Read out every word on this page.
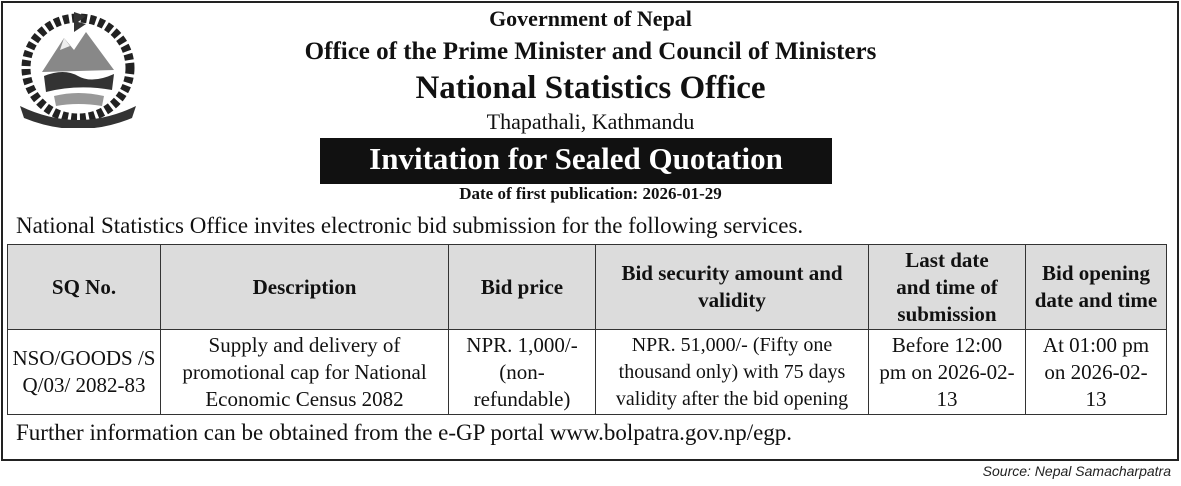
Government of Nepal
Office of the Prime Minister and Council of Ministers
National Statistics Office
Thapathali, Kathmandu
Invitation for Sealed Quotation
Date of first publication: 2026-01-29
National Statistics Office invites electronic bid submission for the following services.
SQ No.	Description	Bid price	Bid security amount and validity	Last date and time of submission	Bid opening date and time
NSO/GOODS /SQ/03/ 2082-83	Supply and delivery of promotional cap for National Economic Census 2082	NPR. 1,000/- (non-refundable)	NPR. 51,000/- (Fifty one thousand only) with 75 days validity after the bid opening	Before 12:00 pm on 2026-02-13	At 01:00 pm on 2026-02-13
Further information can be obtained from the e-GP portal www.bolpatra.gov.np/egp.
Source: Nepal Samacharpatra
